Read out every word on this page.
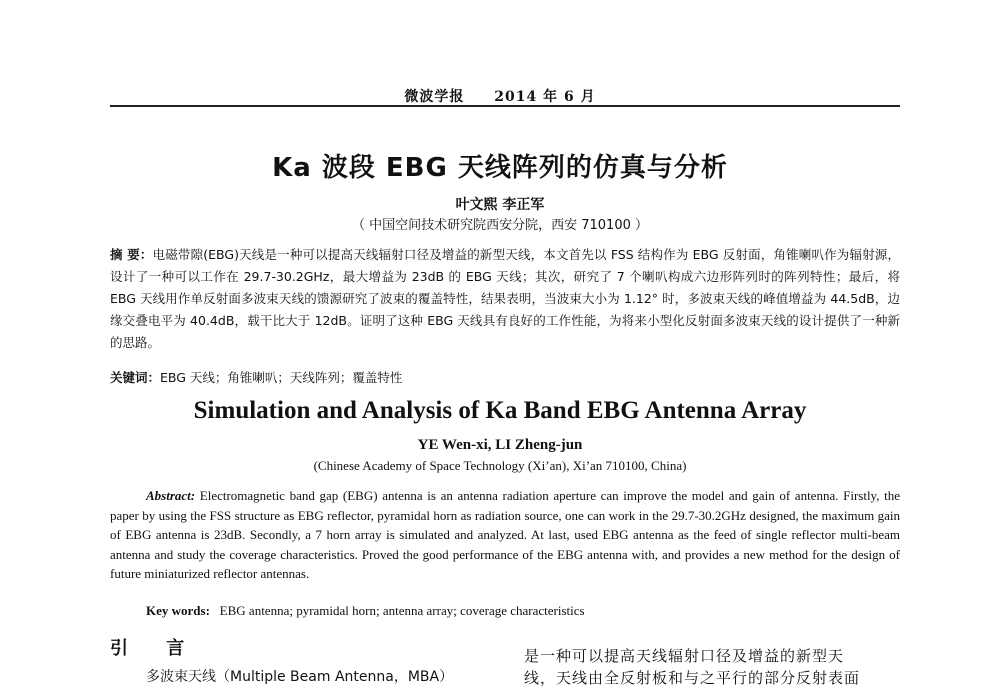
微波学报 2014 年 6 月
Ka 波段 EBG 天线阵列的仿真与分析
叶文熙 李正军
（ 中国空间技术研究院西安分院，西安 710100 ）
摘 要：电磁带隙(EBG)天线是一种可以提高天线辐射口径及增益的新型天线，本文首先以 FSS 结构作为 EBG 反射面，角锥喇叭作为辐射源，设计了一种可以工作在 29.7-30.2GHz，最大增益为 23dB 的 EBG 天线；其次，研究了 7 个喇叭构成六边形阵列时的阵列特性；最后，将 EBG 天线用作单反射面多波束天线的馈源研究了波束的覆盖特性，结果表明，当波束大小为 1.12° 时，多波束天线的峰值增益为 44.5dB，边缘交叠电平为 40.4dB，载干比大于 12dB。证明了这种 EBG 天线具有良好的工作性能，为将来小型化反射面多波束天线的设计提供了一种新的思路。
关键词：EBG 天线；角锥喇叭；天线阵列；覆盖特性
Simulation and Analysis of Ka Band EBG Antenna Array
YE Wen-xi, LI Zheng-jun
(Chinese Academy of Space Technology (Xi’an), Xi’an 710100, China)
Abstract: Electromagnetic band gap (EBG) antenna is an antenna radiation aperture can improve the model and gain of antenna. Firstly, the paper by using the FSS structure as EBG reflector, pyramidal horn as radiation source, one can work in the 29.7-30.2GHz designed, the maximum gain of EBG antenna is 23dB. Secondly, a 7 horn array is simulated and analyzed. At last, used EBG antenna as the feed of single reflector multi-beam antenna and study the coverage characteristics. Proved the good performance of the EBG antenna with, and provides a new method for the design of future miniaturized reflector antennas.
Key words: EBG antenna; pyramidal horn; antenna array; coverage characteristics
引 言
多波束天线（Multiple Beam Antenna，MBA）
是一种可以提高天线辐射口径及增益的新型天
线，天线由全反射板和与之平行的部分反射表面
